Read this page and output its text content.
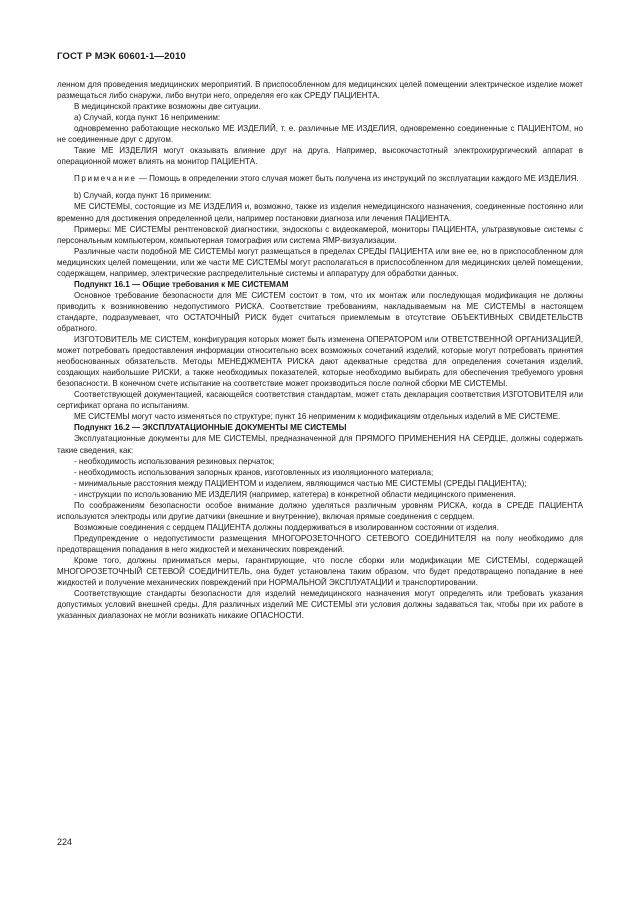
ГОСТ Р МЭК 60601-1—2010

ленном для проведения медицинских мероприятий. В приспособленном для медицинских целей помещении электрическое изделие может размещаться либо снаружи, либо внутри него, определяя его как СРЕДУ ПАЦИЕНТА.

В медицинской практике возможны две ситуации.

а) Случай, когда пункт 16 неприменим:

одновременно работающие несколько МЕ ИЗДЕЛИЙ, т. е. различные МЕ ИЗДЕЛИЯ, одновременно соединенные с ПАЦИЕНТОМ, но не соединенные друг с другом.

Такие МЕ ИЗДЕЛИЯ могут оказывать влияние друг на друга. Например, высокочастотный электрохирургический аппарат в операционной может влиять на монитор ПАЦИЕНТА.

Примечание — Помощь в определении этого случая может быть получена из инструкций по эксплуатации каждого МЕ ИЗДЕЛИЯ.

b) Случай, когда пункт 16 применим:

МЕ СИСТЕМЫ, состоящие из МЕ ИЗДЕЛИЯ и, возможно, также из изделия немедицинского назначения, соединенные постоянно или временно для достижения определенной цели, например постановки диагноза или лечения ПАЦИЕНТА.

Примеры: МЕ СИСТЕМЫ рентгеновской диагностики, эндоскопы с видеокамерой, мониторы ПАЦИЕНТА, ультразвуковые системы с персональным компьютером, компьютерная томография или система ЯМР-визуализации.

Различные части подобной МЕ СИСТЕМЫ могут размещаться в пределах СРЕДЫ ПАЦИЕНТА или вне ее, но в приспособленном для медицинских целей помещении, или же части МЕ СИСТЕМЫ могут располагаться в приспособленном для медицинских целей помещении, содержащем, например, электрические распределительные системы и аппаратуру для обработки данных.

Подпункт 16.1 — Общие требования к МЕ СИСТЕМАМ

Основное требование безопасности для МЕ СИСТЕМ состоит в том, что их монтаж или последующая модификация не должны приводить к возникновению недопустимого РИСКА. Соответствие требованиям, накладываемым на МЕ СИСТЕМЫ в настоящем стандарте, подразумевает, что ОСТАТОЧНЫЙ РИСК будет считаться приемлемым в отсутствие ОБЪЕКТИВНЫХ СВИДЕТЕЛЬСТВ обратного.

ИЗГОТОВИТЕЛЬ МЕ СИСТЕМ, конфигурация которых может быть изменена ОПЕРАТОРОМ или ОТВЕТСТВЕННОЙ ОРГАНИЗАЦИЕЙ, может потребовать предоставления информации относительно всех возможных сочетаний изделий, которые могут потребовать принятия необоснованных обязательств. Методы МЕНЕДЖМЕНТА РИСКА дают адекватные средства для определения сочетания изделий, создающих наибольшие РИСКИ, а также необходимых показателей, которые необходимо выбирать для обеспечения требуемого уровня безопасности. В конечном счете испытание на соответствие может производиться после полной сборки МЕ СИСТЕМЫ.

Соответствующей документацией, касающейся соответствия стандартам, может стать декларация соответствия ИЗГОТОВИТЕЛЯ или сертификат органа по испытаниям.

МЕ СИСТЕМЫ могут часто изменяться по структуре; пункт 16 неприменим к модификациям отдельных изделий в МЕ СИСТЕМЕ.

Подпункт 16.2 — ЭКСПЛУАТАЦИОННЫЕ ДОКУМЕНТЫ МЕ СИСТЕМЫ

Эксплуатационные документы для МЕ СИСТЕМЫ, предназначенной для ПРЯМОГО ПРИМЕНЕНИЯ НА СЕРДЦЕ, должны содержать такие сведения, как:

- необходимость использования резиновых перчаток;

- необходимость использования запорных кранов, изготовленных из изоляционного материала;

- минимальные расстояния между ПАЦИЕНТОМ и изделием, являющимся частью МЕ СИСТЕМЫ (СРЕДЫ ПАЦИЕНТА);

- инструкции по использованию МЕ ИЗДЕЛИЯ (например, катетера) в конкретной области медицинского применения.

По соображениям безопасности особое внимание должно уделяться различным уровням РИСКА, когда в СРЕДЕ ПАЦИЕНТА используются электроды или другие датчики (внешние и внутренние), включая прямые соединения с сердцем.

Возможные соединения с сердцем ПАЦИЕНТА должны поддерживаться в изолированном состоянии от изделия.

Предупреждение о недопустимости размещения МНОГОРОЗЕТОЧНОГО СЕТЕВОГО СОЕДИНИТЕЛЯ на полу необходимо для предотвращения попадания в него жидкостей и механических повреждений.

Кроме того, должны приниматься меры, гарантирующие, что после сборки или модификации МЕ СИСТЕМЫ, содержащей МНОГОРОЗЕТОЧНЫЙ СЕТЕВОЙ СОЕДИНИТЕЛЬ, она будет установлена таким образом, что будет предотвращено попадание в нее жидкостей и получение механических повреждений при НОРМАЛЬНОЙ ЭКСПЛУАТАЦИИ и транспортировании.

Соответствующие стандарты безопасности для изделий немедицинского назначения могут определять или требовать указания допустимых условий внешней среды. Для различных изделий МЕ СИСТЕМЫ эти условия должны задаваться так, чтобы при их работе в указанных диапазонах не могли возникать никакие ОПАСНОСТИ.

224
